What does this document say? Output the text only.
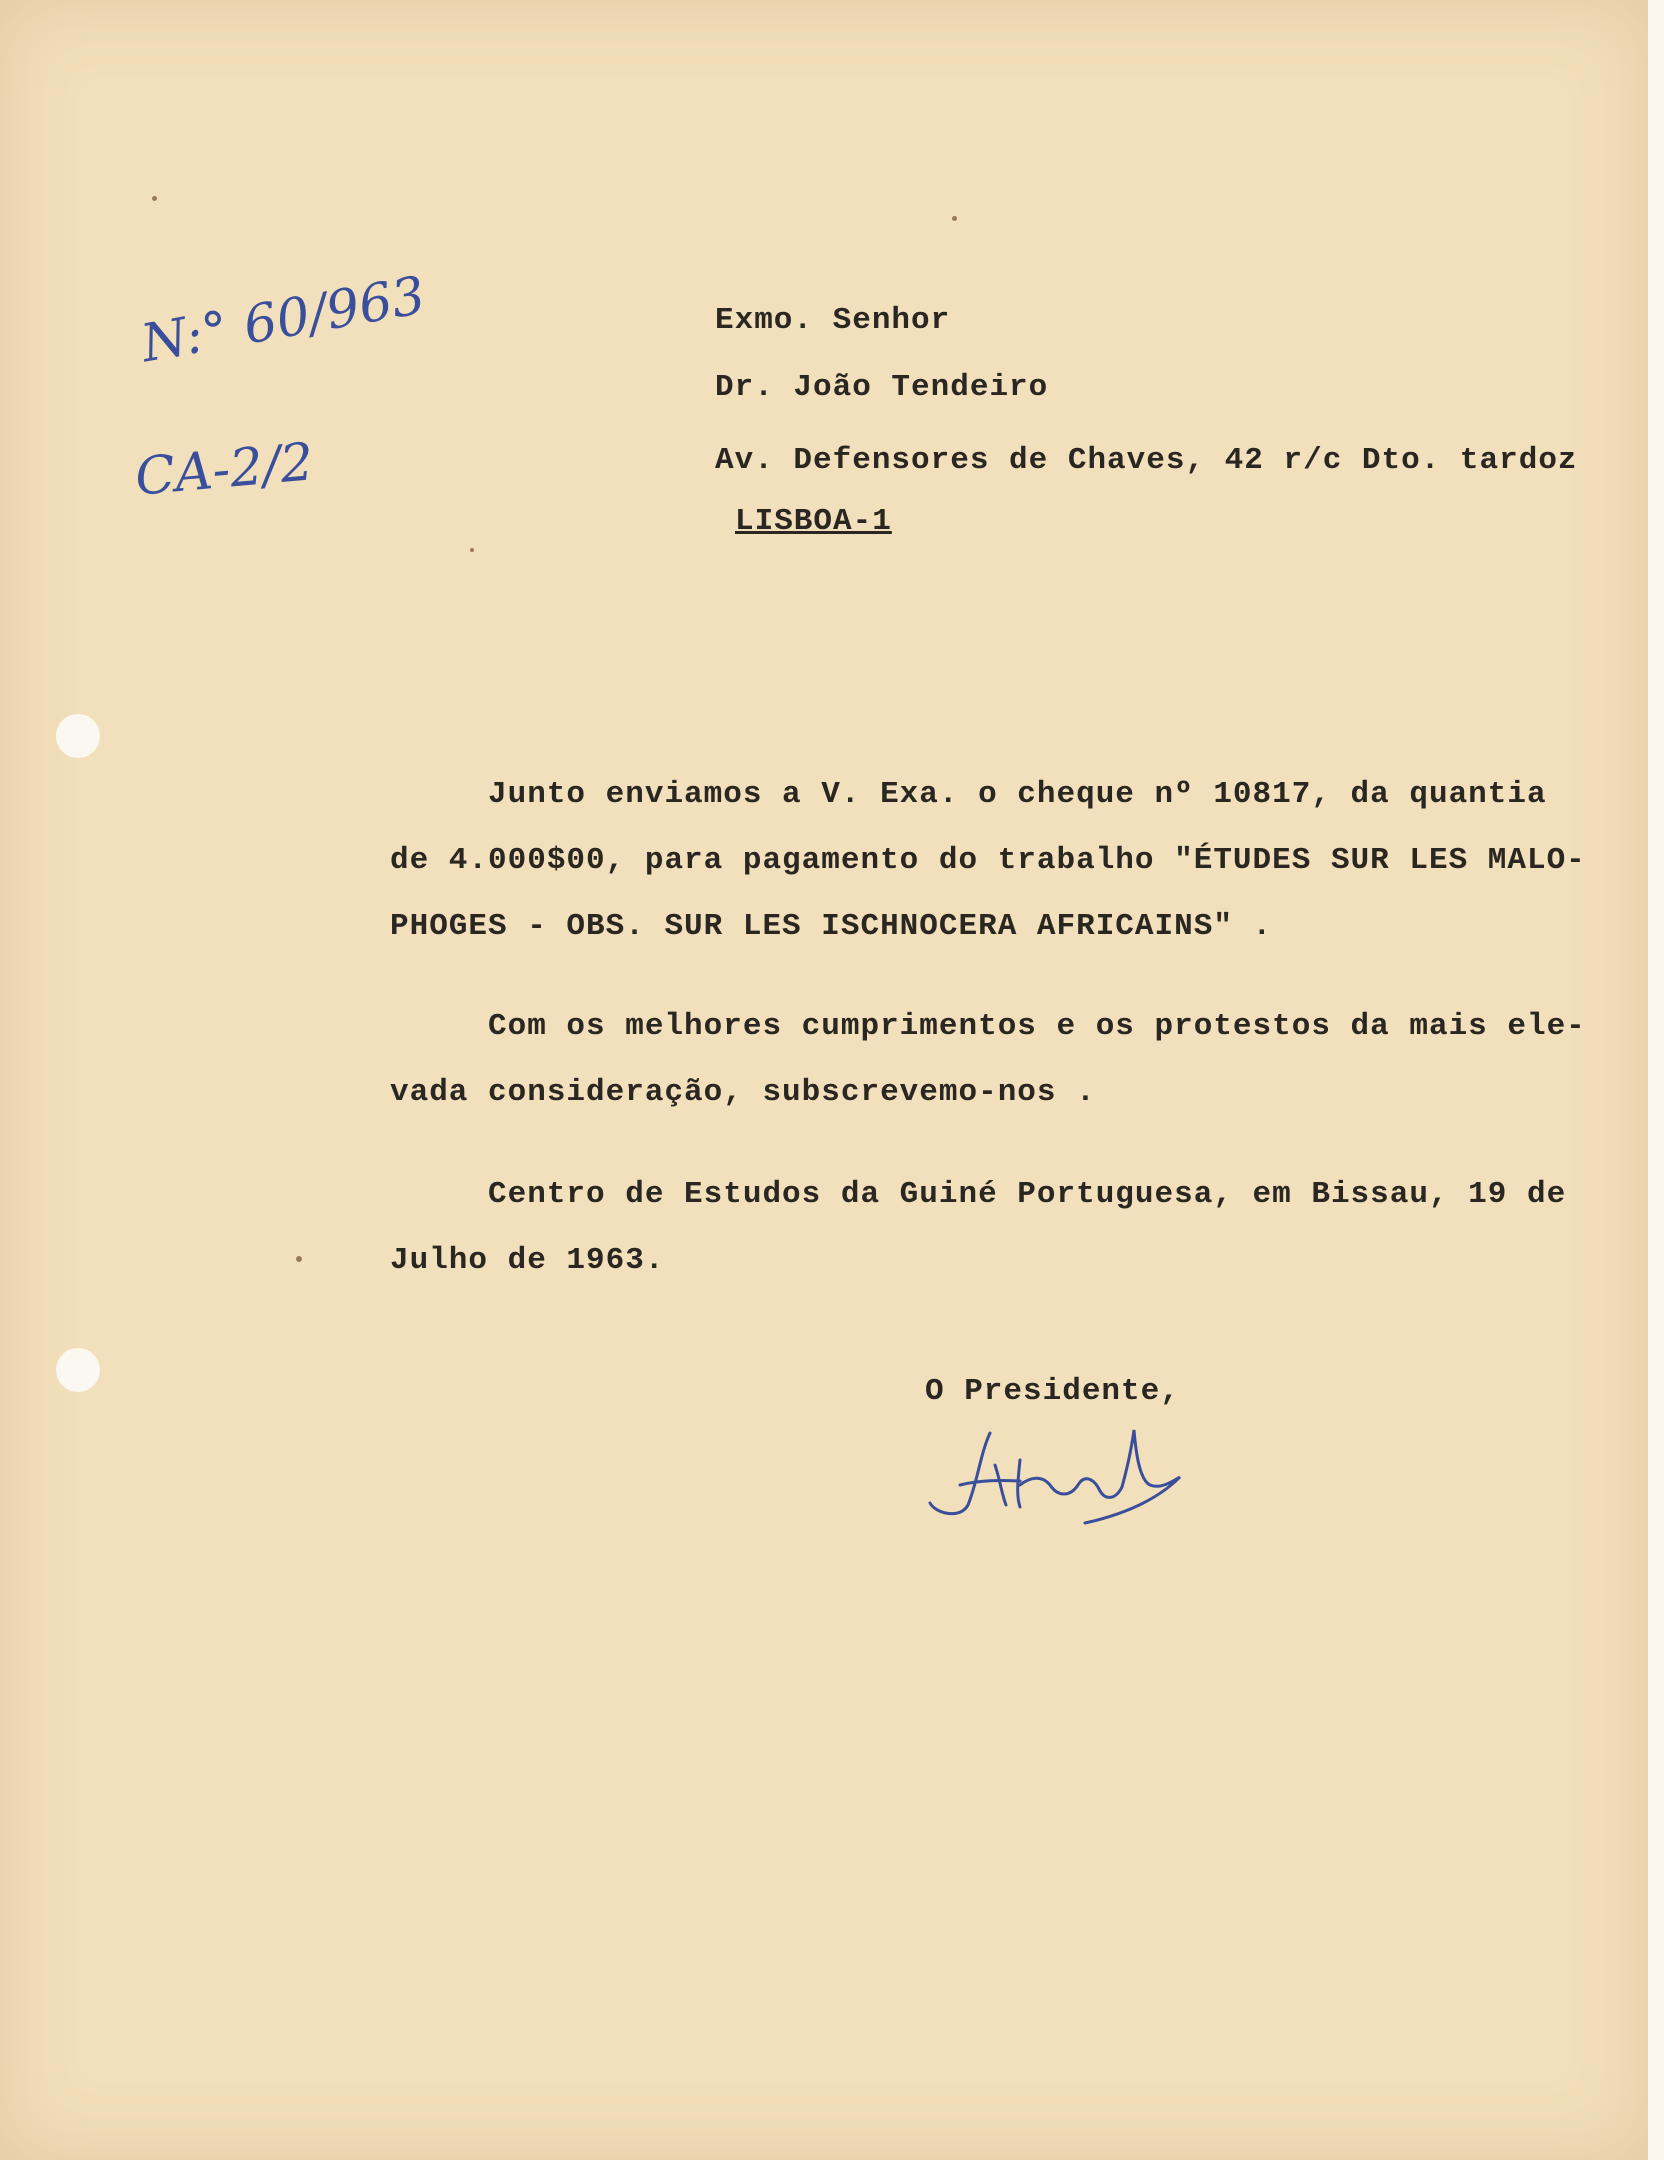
N:° 60/963
CA-2/2
Exmo. Senhor
Dr. João Tendeiro
Av. Defensores de Chaves, 42 r/c Dto. tardoz
LISBOA-1

Junto enviamos a V. Exa. o cheque nº 10817, da quantia

de 4.000$00, para pagamento do trabalho "ÉTUDES SUR LES MALO-

PHOGES - OBS. SUR LES ISCHNOCERA AFRICAINS" .

Com os melhores cumprimentos e os protestos da mais ele-

vada consideração, subscrevemo-nos .

Centro de Estudos da Guiné Portuguesa, em Bissau, 19 de

Julho de 1963.

O Presidente,
